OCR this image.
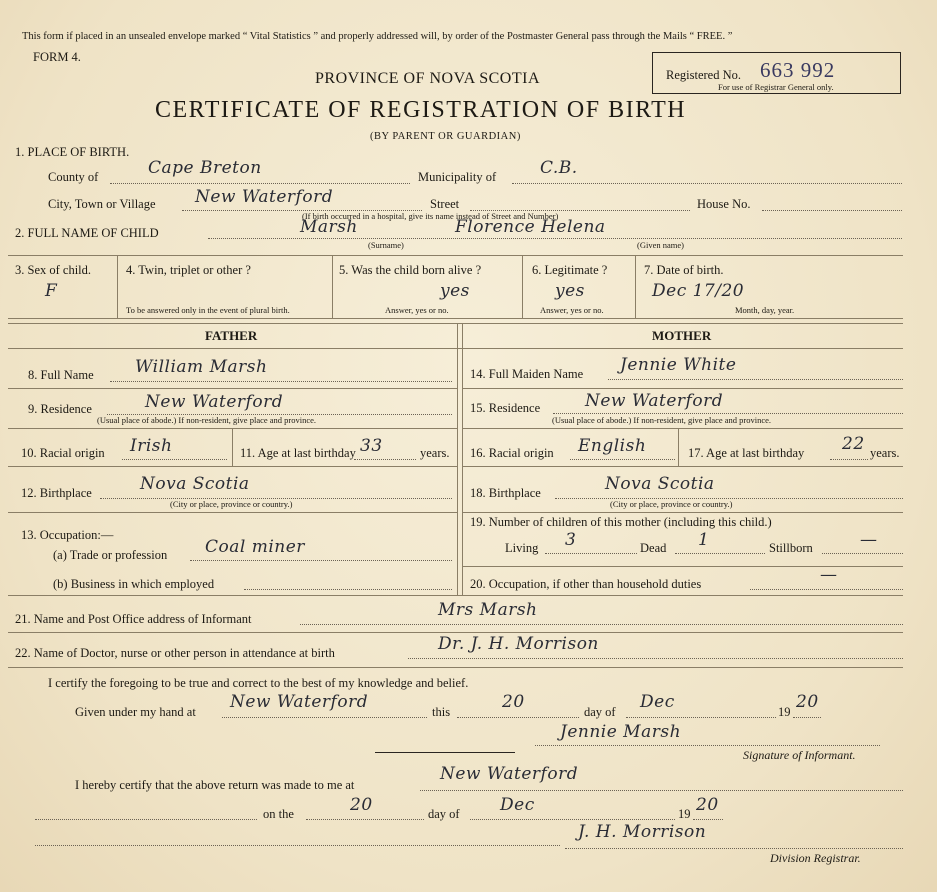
This form if placed in an unsealed envelope marked “ Vital Statistics ” and properly addressed will, by order of the Postmaster General pass through the Mails “ FREE. ”
FORM 4.
PROVINCE OF NOVA SCOTIA	Registered No. 663 992
For use of Registrar General only.
CERTIFICATE OF REGISTRATION OF BIRTH
(BY PARENT OR GUARDIAN)
1. PLACE OF BIRTH.
County of	Cape Breton	Municipality of	C.B.
City, Town or Village New Waterford	Street	House No.
(If birth occurred in a hospital, give its name instead of Street and Number)
2. FULL NAME OF CHILD	Marsh	Florence Helena
(Surname)	(Given name)
3. Sex of child.
F
4. Twin, triplet or other ?
To be answered only in the event of plural birth.
5. Was the child born alive ?
yes
Answer, yes or no.
6. Legitimate ?
yes
Answer, yes or no.
7. Date of birth.
Dec 17/20
Month, day, year.
FATHER	MOTHER
8. Full Name William Marsh
9. Residence	New Waterford
(Usual place of abode.) If non-resident, give place and province.
10. Racial origin Irish	11. Age at last birthday 33	years.
12. Birthplace	Nova Scotia
(City or place, province or country.)
13. Occupation:—
(a) Trade or profession Coal miner
(b) Business in which employed
14. Full Maiden Name Jennie White
15. Residence	New Waterford
(Usual place of abode.) If non-resident, give place and province.
16. Racial origin English	17. Age at last birthday 22 years.
18. Birthplace	Nova Scotia
(City or place, province or country.)
19. Number of children of this mother (including this child.)
Living 3	Dead 1	Stillborn	—
20. Occupation, if other than household duties	—
21. Name and Post Office address of Informant	Mrs Marsh
22. Name of Doctor, nurse or other person in attendance at birth	Dr. J. H. Morrison
I certify the foregoing to be true and correct to the best of my knowledge and belief.
Given under my hand at New Waterford	this	20	day of Dec	19 20
Jennie Marsh
Signature of Informant.
I hereby certify that the above return was made to me at
New Waterford
on the	20	day of Dec	19 20
J. H. Morrison
Division Registrar.
